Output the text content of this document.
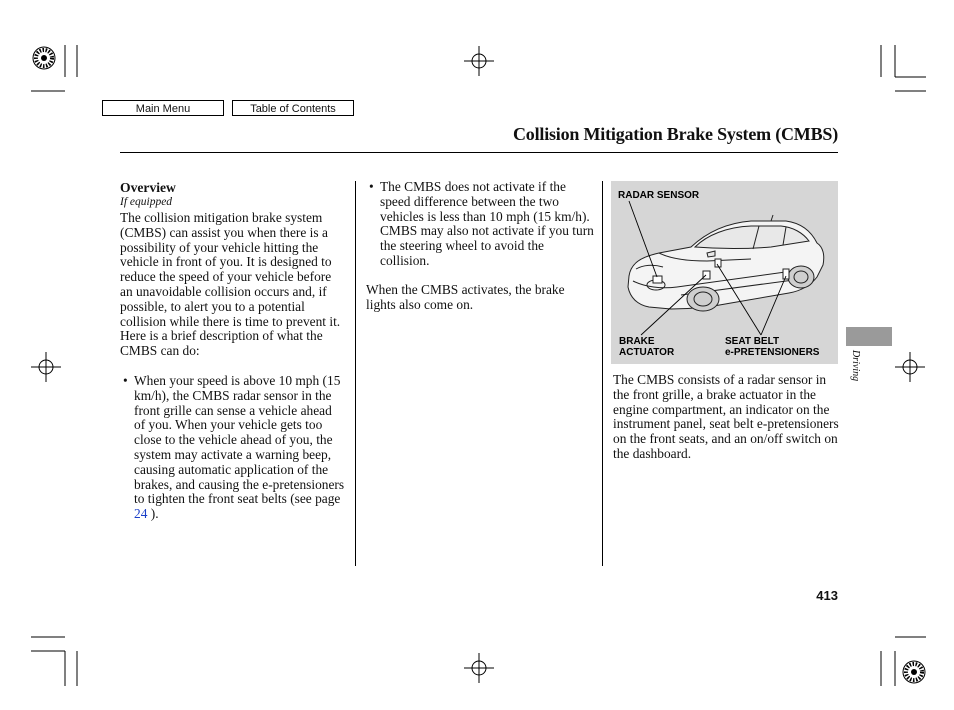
Main Menu	Table of Contents
Collision Mitigation Brake System (CMBS)
Overview
If equipped
The collision mitigation brake system (CMBS) can assist you when there is a possibility of your vehicle hitting the vehicle in front of you. It is designed to reduce the speed of your vehicle before an unavoidable collision occurs and, if possible, to alert you to a potential collision while there is time to prevent it. Here is a brief description of what the CMBS can do:
• When your speed is above 10 mph (15 km/h), the CMBS radar sensor in the front grille can sense a vehicle ahead of you. When your vehicle gets too close to the vehicle ahead of you, the system may activate a warning beep, causing automatic application of the brakes, and causing the e-pretensioners to tighten the front seat belts (see page 24 ).
• The CMBS does not activate if the speed difference between the two vehicles is less than 10 mph (15 km/h). CMBS may also not activate if you turn the steering wheel to avoid the collision.
When the CMBS activates, the brake lights also come on.
RADAR SENSOR
BRAKE
ACTUATOR
SEAT BELT
e-PRETENSIONERS
The CMBS consists of a radar sensor in the front grille, a brake actuator in the engine compartment, an indicator on the instrument panel, seat belt e-pretensioners on the front seats, and an on/off switch on the dashboard.
Driving
413
